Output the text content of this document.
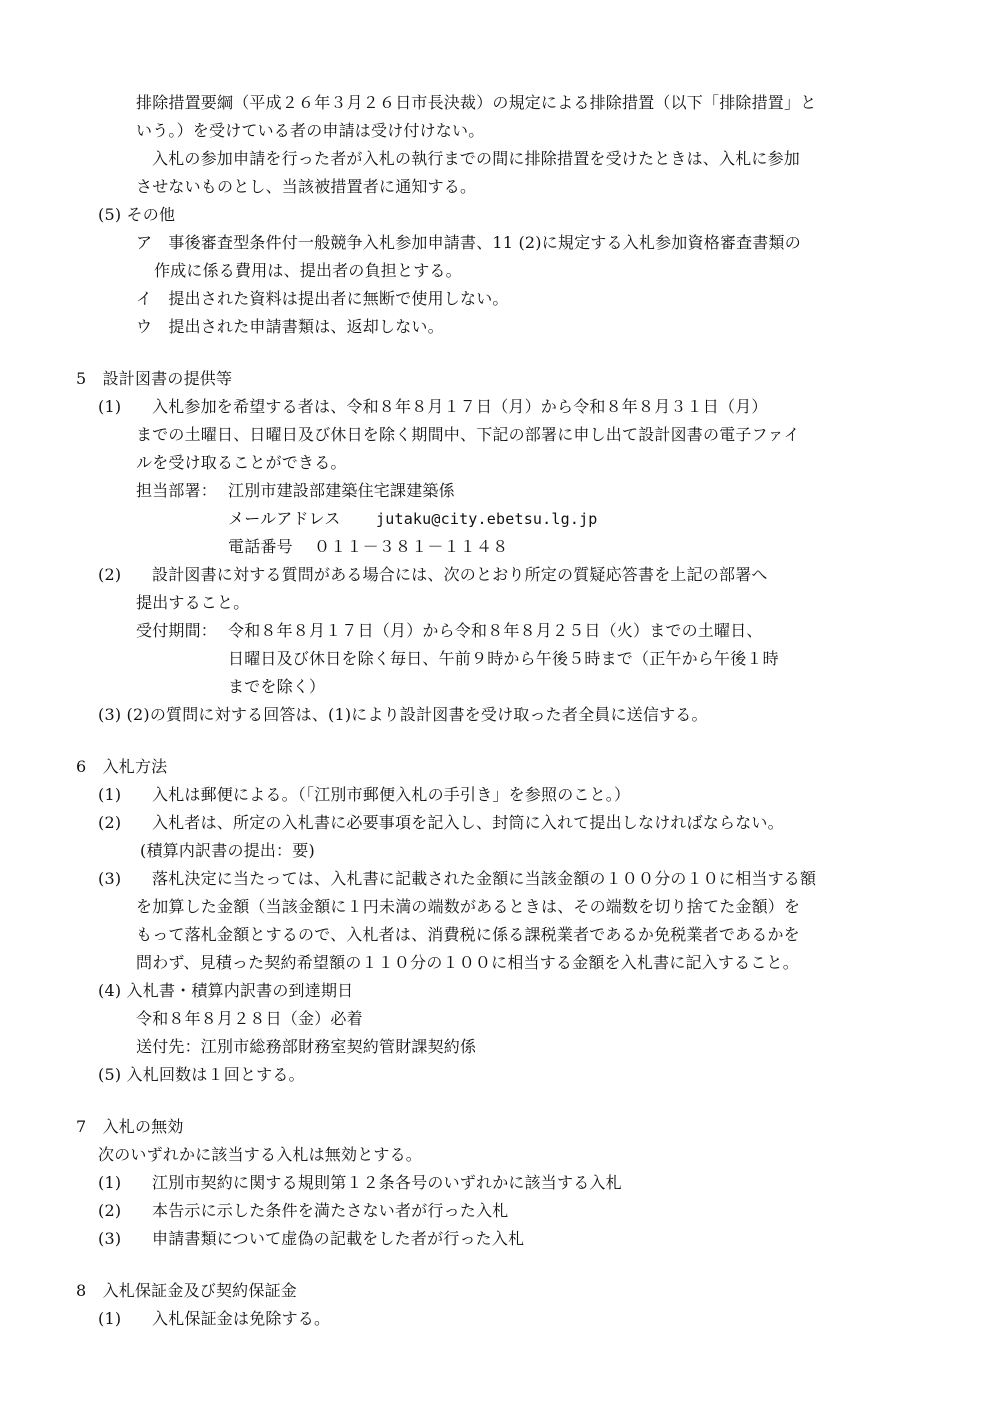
排除措置要綱（平成２６年３月２６日市長決裁）の規定による排除措置（以下「排除措置」と
いう。）を受けている者の申請は受け付けない。
入札の参加申請を行った者が入札の執行までの間に排除措置を受けたときは、入札に参加
させないものとし、当該被措置者に通知する。
(5) その他
ア　事後審査型条件付一般競争入札参加申請書、11 (2)に規定する入札参加資格審査書類の
作成に係る費用は、提出者の負担とする。
イ　提出された資料は提出者に無断で使用しない。
ウ　提出された申請書類は、返却しない。
5　設計図書の提供等
(1) 入札参加を希望する者は、令和８年８月１７日（月）から令和８年８月３１日（月）
までの土曜日、日曜日及び休日を除く期間中、下記の部署に申し出て設計図書の電子ファイ
ルを受け取ることができる。
担当部署： 江別市建設部建築住宅課建築係
メールアドレス jutaku@city.ebetsu.lg.jp
電話番号 ０１１－３８１－１１４８
(2) 設計図書に対する質問がある場合には、次のとおり所定の質疑応答書を上記の部署へ
提出すること。
受付期間： 令和８年８月１７日（月）から令和８年８月２５日（火）までの土曜日、
日曜日及び休日を除く毎日、午前９時から午後５時まで（正午から午後１時
までを除く）
(3) (2)の質問に対する回答は、(1)により設計図書を受け取った者全員に送信する。
6　入札方法
(1) 入札は郵便による。（「江別市郵便入札の手引き」を参照のこと。）
(2) 入札者は、所定の入札書に必要事項を記入し、封筒に入れて提出しなければならない。
(積算内訳書の提出：要)
(3) 落札決定に当たっては、入札書に記載された金額に当該金額の１００分の１０に相当する額
を加算した金額（当該金額に１円未満の端数があるときは、その端数を切り捨てた金額）を
もって落札金額とするので、入札者は、消費税に係る課税業者であるか免税業者であるかを
問わず、見積った契約希望額の１１０分の１００に相当する金額を入札書に記入すること。
(4) 入札書・積算内訳書の到達期日
令和８年８月２８日（金）必着
送付先：江別市総務部財務室契約管財課契約係
(5) 入札回数は１回とする。
7　入札の無効
次のいずれかに該当する入札は無効とする。
(1) 江別市契約に関する規則第１２条各号のいずれかに該当する入札
(2) 本告示に示した条件を満たさない者が行った入札
(3) 申請書類について虚偽の記載をした者が行った入札
8　入札保証金及び契約保証金
(1) 入札保証金は免除する。
